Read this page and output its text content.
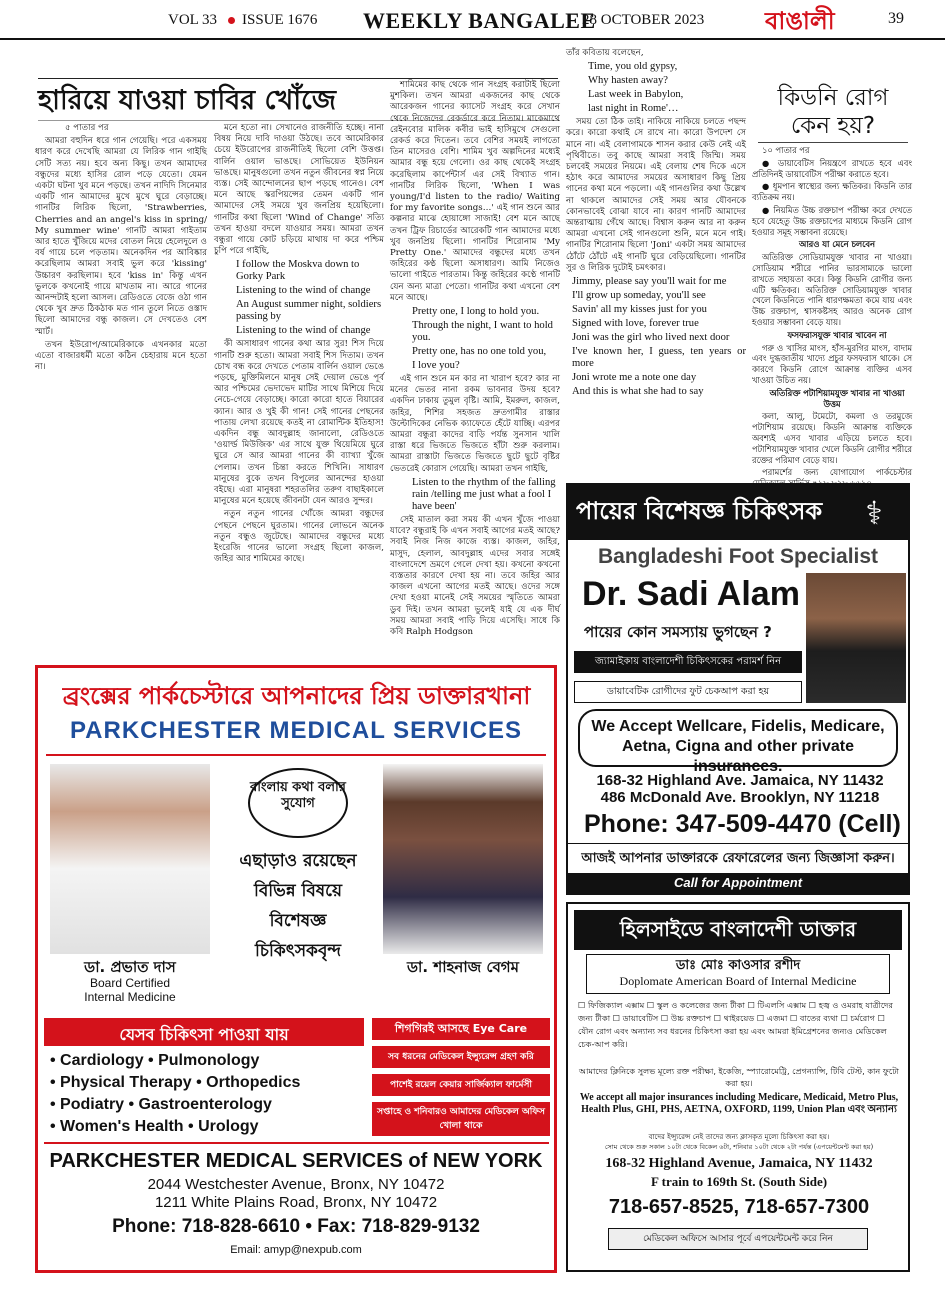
VOL 33 ISSUE 1676 WEEKLY BANGALEE
28 OCTOBER 2023	বাঙালী	39
হারিয়ে যাওয়া চাবির খোঁজে

৫ পাতার পর

আমরা বহুদিন ধরে গান গেয়েছি। পরে একসময় ধারণ করে দেখেছি আমরা যে লিরিক গান গাইছি সেটি সত্য নয়। হবে অন্য কিছু। তখন আমাদের বন্ধুদের মধ্যে হাসির রোল পড়ে যেতো। যেমন একটা ঘটনা খুব মনে পড়ছে। তখন নাদিদি সিনেমার একটি গান আমাদের মুখে মুখে ঘুরে বেড়াচ্ছে। গানটির লিরিক ছিলো, 'Strawberries, Cherries and an angel's kiss in spring/ My summer wine' গানটি আমরা গাইতাম আর হাতে খুঁজিয়ে মদের বোতল নিয়ে হেলেদুলে ও বর্ষ গায়ে চলে পড়তাম। অনেকদিন পর আবিষ্কার করেছিলাম আমরা সবাই ভুল করে 'kissing' উচ্চারণ করছিলাম। হবে 'kiss in' কিন্তু এখন ভুলকে কখনোই গায়ে মাখতাম না। আরে গানের আনন্দটাই হলো আসল। রেডিওতে বেজে ওঠা গান থেকে খুব দ্রুত ঠিকঠাক মত গান তুলে নিতে ওস্তাদ ছিলো আমাদের বন্ধু কাজল। সে দেখতেও বেশ স্মার্ট।

তখন ইউরোপ/আমেরিকাকে এখনকার মতো এতো বাজারধর্মী মতো কঠিন চেহারায় মনে হতো না।

মনে হতো না। সেখানেও রাজনীতি হচ্ছে। নানা বিষয় নিয়ে দাবি দাওয়া উঠছে। তবে আমেরিকার চেয়ে ইউরোপের রাজনীতিই ছিলো বেশি উত্তপ্ত। বার্লিন ওয়াল ভাঙছে। সোভিয়েত ইউনিয়ন ভাঙছে। মানুষগুলো তখন নতুন জীবনের স্বপ্ন নিয়ে ব্যস্ত। সেই আন্দোলনের ছাপ পড়ছে গানেও। বেশ মনে আছে স্করপিয়ন্সের তেমন একটি গান আমাদের সেই সময়ে খুব জনপ্রিয় হয়েছিলো। গানটির কথা ছিলো 'Wind of Change' সত্যি তখন হাওয়া বদলে যাওয়ার সময়। আমরা তখন বন্ধুরা গায়ে কোট চড়িয়ে মাথায় দা করে পশ্চিম চুপি পরে গাইছি,

I follow the Moskva down to Gorky Park

Listening to the wind of change

An August summer night, soldiers passing by

Listening to the wind of change

কী অসাধারণ গানের কথা আর সুর! শিস দিয়ে গানটি শুরু হতো। আমরা সবাই শিস দিতাম। তখন চোখ বন্ধ করে দেখতে পেতাম বার্লিন ওয়াল ভেঙে পড়ছে, মুক্তিমিলনে মানুষ সেই দেয়াল ভেঙে পূর্ব আর পশ্চিমের ভেদাভেদ মাটির সাথে মিশিয়ে দিয়ে নেচে-গেয়ে বেড়াচ্ছে। কারো কারো হাতে বিয়ারের ক্যান। আর ও খুই কী গান! সেই গানের পেছনের পাতায় লেখা রয়েছে কতই না রোমান্টিক ইতিহাস! একদিন বন্ধু আবদুল্লাহ জানালো, রেডিওতে 'ওয়ার্ল্ড মিউজিক' এর সাথে যুক্ত থিয়েমিয়ে ঘুরে ঘুরে সে আর আমরা গানের কী ব্যাখ্যা খুঁজে পেলাম। তখন চিন্তা করতে শিখিনি। সাধারণ মানুষের বুকে তখন বিপুলের আনন্দের হাওয়া বইছে। এরা মানুষরা শহরতলির তরুণ বাছাইকালে মানুষের মনে হয়েছে জীবনটা যেন আরও সুন্দর।

নতুন নতুন গানের খোঁজে আমরা বন্ধুদের পেছনে পেছনে ঘুরতাম। গানের লোভনে অনেক নতুন বন্ধুও জুটেছে। আমাদের বন্ধুদের মধ্যে ইংরেজি গানের ভালো সংগ্রহ ছিলো কাজল, জহির আর শামিমের কাছে।

শামিমের কাছ থেকে গান সংগ্রহ করাটাই ছিলো মুশকিল। তখন আমরা একজনের কাছ থেকে আরেকজন গানের ক্যাসেট সংগ্রহ করে সেখান থেকে নিজেদের রেকর্ডারে করে নিতাম। মাকেমাথে রেইনবোর মালিক কবীর ভাই হাসিমুখে সেগুলো রেকর্ড করে দিতেন। তবে বেশির সময়ই লাগতো তিন মাসেরও বেশি। শামিম খুব অল্পদিনের মধ্যেই আমার বন্ধু হয়ে গেলো। ওর কাছ থেকেই সংগ্রহ করেছিলাম কার্পেন্টার্স এর সেই বিখ্যাত গান। গানটির লিরিক ছিলো, 'When I was young/I'd listen to the radio/ Waiting for my favorite songs…' এই গান শুনে আর কল্পনার মাঝে হোয়াঙ্গো সাজাই! বেশ মনে আছে তখন ট্রিফ রিচার্ডের আরেকটি গান আমাদের মধ্যে খুব জনপ্রিয় ছিলো। গানটির শিরোনাম 'My Pretty One.' আমাদের বন্ধুদের মধ্যে তখন জহিরের কণ্ঠ ছিলো অসাধারণ। আমি নিজেও ভালো গাইতে পারতাম। কিন্তু জহিরের কণ্ঠে গানটি যেন অন্য মাত্রা পেতো। গানটির কথা এখনো বেশ মনে আছে।

Pretty one, I long to hold you.

Through the night, I want to hold you.

Pretty one, has no one told you,

I love you?

এই গান শুনে মন কার না খারাপ হবে? কার না মনের ভেতর নানা রকম ভাবনার উদয় হবে? একদিন ঢাকায় তুমুল বৃষ্টি। আমি, ইমরুল, কাজল, জহির, শিশির সহজত দ্রুতগামীর রাস্তার উল্টোদিকের নেভিক ক্যাফেতে হেঁটে যাচ্ছি। এরপর আমরা বন্ধুরা কাদের বাড়ি পর্যন্ত সুনসান খালি রাস্তা ধরে ভিজতে ভিজতে হাঁটা শুরু করলাম। আমরা রাস্তাটা ভিজতে ভিজতে ছুটে ছুটে বৃষ্টির ভেতরেই কোরাস গেয়েছি। আমরা তখন গাইছি,

Listen to the rhythm of the falling rain /telling me just what a fool I have been'

সেই মাতাল করা সময় কী এখন খুঁজে পাওয়া যাবে? বন্ধুরাই কি এখন সবাই আগের মতই আছে? সবাই নিজ নিজ কাজে ব্যস্ত। কাজল, জহির, মাসুদ, হেলাল, আবদুল্লাহ এদের সবার সঙ্গেই বাংলাদেশে ভ্রমণে গেলে দেখা হয়। কখনো কখনো ব্যস্ততার কারণে দেখা হয় না। তবে জহির আর কাজল এখনো আগের মতই আছে। ওদের সঙ্গে দেখা হওয়া মানেই সেই সময়ের স্মৃতিতে আমরা ডুব দিই। তখন আমরা ভুলেই যাই যে এক দীর্ঘ সময় আমরা সবাই পাড়ি দিয়ে এসেছি। সাধে কি কবি Ralph Hodgson

তাঁর কবিতায় বলেছেন,

Time, you old gypsy,

Why hasten away?

Last week in Babylon,

last night in Rome'…

সময় তো ঠিক তাই। নাকিয়ে নাকিয়ে চলতে পছন্দ করে। কারো কথাই সে রাখে না। কারো উপদেশ সে মানে না। এই বেলাগামকে শাসন করার কেউ নেই এই পৃথিবীতে। তবু কাছে আমরা সবাই জিম্মি। সময় চলবেই সময়ের নিয়মে। এই বেলায় শেষ দিকে এসে হঠাৎ করে আমাদের সময়ের অসাধারণ কিছু প্রিয় গানের কথা মনে পড়লো। এই গানগুলির কথা উল্লেখ না থাকলে আমাদের সেই সময় আর যৌবনকে কোনভাবেই বোঝা যাবে না। কারণ গানটি আমাদের অন্তরাত্মায় গেঁথে আছে। বিশ্বাস করুন আর না করুন আমরা এখনো সেই গানগুলো শুনি, মনে মনে গাই। গানটির শিরোনাম ছিলো 'Joni' একটা সময় আমাদের ঠোঁটে ঠোঁটে এই গানটি ঘুরে বেড়িয়েছিলো। গানটির সুর ও লিরিক দুটোই চমৎকার।

Jimmy, please say you'll wait for me

I'll grow up someday, you'll see

Savin' all my kisses just for you

Signed with love, forever true

Joni was the girl who lived next door

I've known her, I guess, ten years or more

Joni wrote me a note one day

And this is what she had to say

কিডনি রোগ
কেন হয়?

১০ পাতার পর

● ডায়াবেটিস নিয়ন্ত্রণে রাখতে হবে এবং প্রতিদিনই ডায়াবেটিস পরীক্ষা করাতে হবে।

● ধূমপান স্বাস্থ্যের জন্য ক্ষতিকর। কিডনি তার ব্যতিক্রম নয়।

● নিয়মিত উচ্চ রক্তচাপ পরীক্ষা করে দেখতে হবে যেহেতু উচ্চ রক্তচাপের মাধ্যমে কিডনি রোগ হওয়ার সমূহ সম্ভাবনা রয়েছে।

আরও যা মেনে চলবেন

অতিরিক্ত সোডিয়ামযুক্ত খাবার না খাওয়া। সোডিয়াম শরীরে পানির ভারসাম্যকে ভালো রাখতে সহায়তা করে। কিন্তু কিডনি রোগীর জন্য এটি ক্ষতিকর। অতিরিক্ত সোডিয়ামযুক্ত খাবার খেলে কিডনিতে পানি ধারণক্ষমতা কমে যায় এবং উচ্চ রক্তচাপ, শ্বাসকষ্টসহ আরও অনেক রোগ হওয়ার সম্ভাবনা বেড়ে যায়।

ফসফরাসযুক্ত খাবার খাবেন না

গরু ও খাসির মাংস, হাঁস-মুরগির মাংস, বাদাম এবং দুগ্ধজাতীয় খাদ্যে প্রচুর ফসফরাস থাকে। সে কারণে কিডনি রোগে আক্রান্ত ব্যক্তির এসব খাওয়া উচিত নয়।

অতিরিক্ত পটাশিয়ামযুক্ত খাবার না খাওয়া উত্তম

কলা, আলু, টমেটো, কমলা ও তরমুজে পটাশিয়াম রয়েছে। কিডনি আক্রান্ত ব্যক্তিকে অবশ্যই এসব খাবার এড়িয়ে চলতে হবে। পটাশিয়ামযুক্ত খাবার খেলে কিডনি রোগীর শরীরে রক্তের পরিমাণ বেড়ে যায়।

পরামর্শের জন্য যোগাযোগ পার্কচেস্টার

পায়ের বিশেষজ্ঞ চিকিৎসক	⚕
Bangladeshi Foot Specialist
Dr. Sadi Alam
পায়ের কোন সমস্যায় ভুগছেন ?
জ্যামাইকায় বাংলাদেশী চিকিৎসকের পরামর্শ নিন
ডায়াবেটিক রোগীদের ফুট চেকআপ করা হয়
We Accept Wellcare, Fidelis, Medicare, Aetna, Cigna and other private insurances.
168-32 Highland Ave. Jamaica, NY 11432
486 McDonald Ave. Brooklyn, NY 11218
Phone: 347-509-4470 (Cell)
আজই আপনার ডাক্তারকে রেফারেলের জন্য জিজ্ঞাসা করুন।
Call for Appointment
হিলসাইডে বাংলাদেশী ডাক্তার
ডাঃ মোঃ কাওসার রশীদ
Doplomate American Board of Internal Medicine
☐ ফিজিক্যাল এক্সাম ☐ স্কুল ও কলেজের জন্য টীকা ☐ টিএলসি এক্সাম ☐ হজ্ব ও ওমরাহ যাত্রীদের জন্য টীকা ☐ ডায়াবেটিস ☐ উচ্চ রক্তচাপ ☐ থাইরয়েড ☐ এজমা ☐ বাতের ব্যথা ☐ চর্মরোগ ☐ যৌন রোগ এবং অন্যান্য সব ধরনের চিকিৎসা করা হয় এবং আমরা ইমিগ্রেশনের জন্যও মেডিকেল চেক-আপ করি।
আমাদের ক্লিনিকে সুলভ মূল্যে রক্ত পরীক্ষা, ইকেজি, স্প্যারোমেট্রি, প্রেগন্যান্সি, টিবি টেস্ট, কান ফুটো করা হয়।
We accept all major insurances including Medicare, Medicaid, Metro Plus, Health Plus, GHI, PHS, AETNA, OXFORD, 1199, Union Plan এবং অন্যান্য
বাদের ইন্স্যুরেন্স নেই তাদের জন্য ক্লাসকৃত মূল্যে চিকিৎসা করা হয়।
সোম থেকে শুক্র সকাল ১০টা থেকে বিকেল ৬টা, শনিবার ১০টা থেকে ২টা পর্যন্ত (এপয়েন্টমেন্ট করা হয়)
168-32 Highland Avenue, Jamaica, NY 11432
F train to 169th St. (South Side)
718-657-8525, 718-657-7300
মেডিকেল অফিসে আসার পূর্বে এপয়েন্টমেন্ট করে নিন
ব্রংক্সের পার্কচেস্টারে আপনাদের প্রিয় ডাক্তারখানা
PARKCHESTER MEDICAL SERVICES
বাংলায় কথা বলার সুযোগ
এছাড়াও রয়েছেন
বিভিন্ন বিষয়ে
বিশেষজ্ঞ
চিকিৎসকবৃন্দ
ডা. প্রভাত দাস
Board Certified
Internal Medicine
ডা. শাহনাজ বেগম
যেসব চিকিৎসা পাওয়া যায়
• Cardiology • Pulmonology
• Physical Therapy • Orthopedics
• Podiatry • Gastroenterology
• Women's Health • Urology
শিগগিরই আসছে Eye Care
সব ধরনের মেডিকেল ইন্স্যুরেন্স গ্রহণ করি
পাশেই রয়েল কেয়ার সার্জিক্যাল ফার্মেসী
সপ্তাহে ও শনিবারও আমাদের মেডিকেল অফিস খোলা থাকে
PARKCHESTER MEDICAL SERVICES of NEW YORK
2044 Westchester Avenue, Bronx, NY 10472
1211 White Plains Road, Bronx, NY 10472
Phone: 718-828-6610 • Fax: 718-829-9132
Email: amyp@nexpub.com
